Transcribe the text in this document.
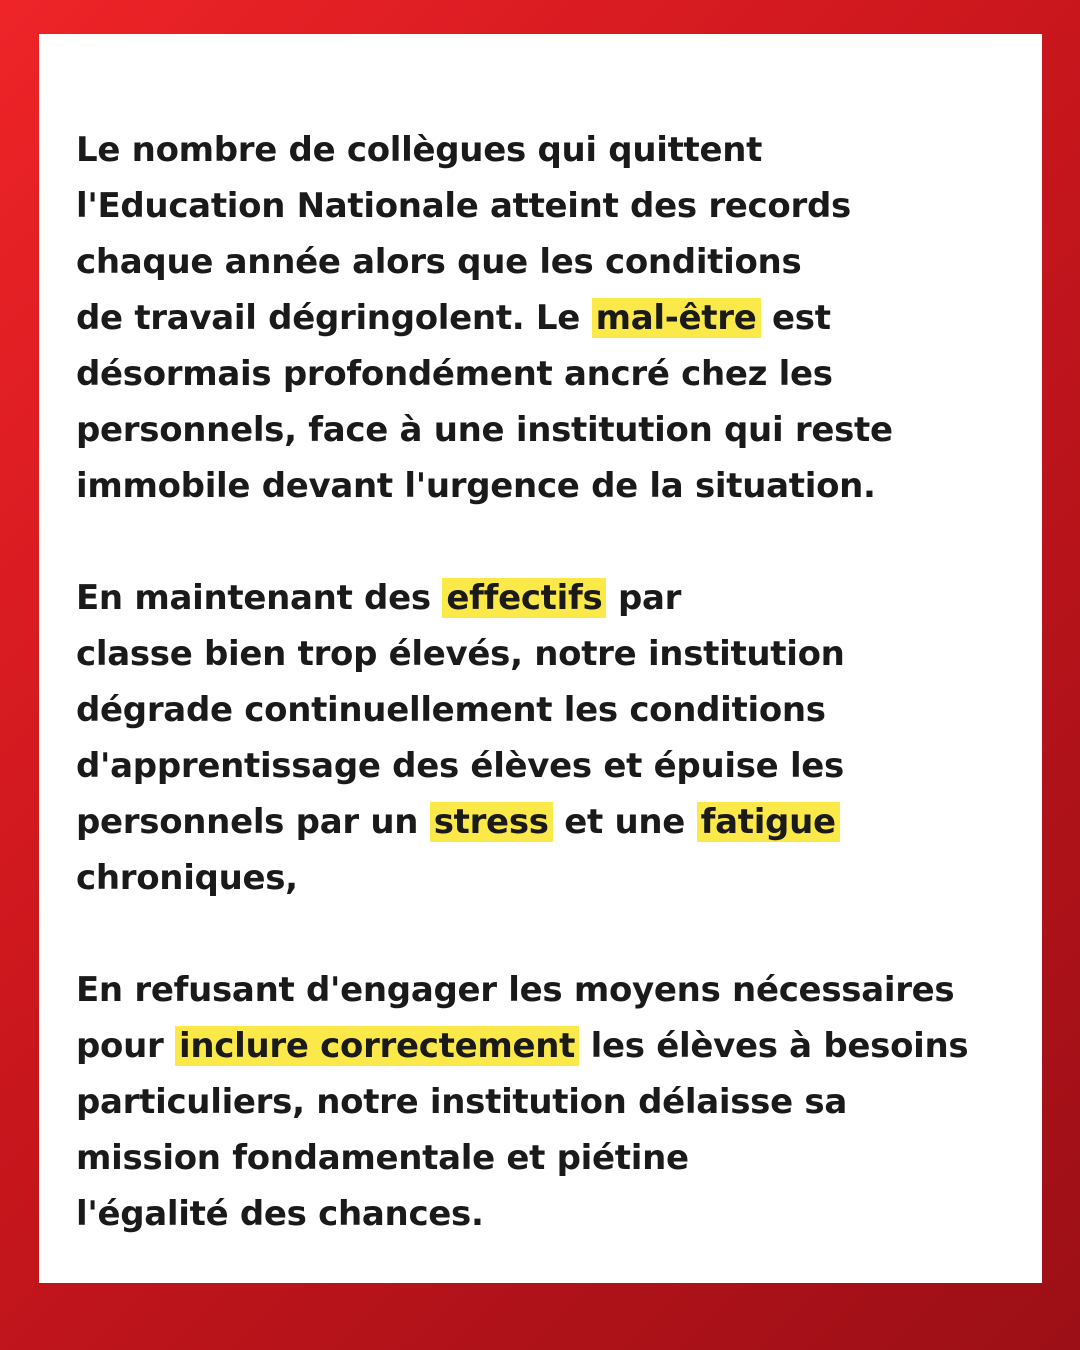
Le nombre de collègues qui quittent
l'Education Nationale atteint des records
chaque année alors que les conditions
de travail dégringolent. Le mal-être est
désormais profondément ancré chez les
personnels, face à une institution qui reste
immobile devant l'urgence de la situation.

En maintenant des effectifs par
classe bien trop élevés, notre institution
dégrade continuellement les conditions
d'apprentissage des élèves et épuise les
personnels par un stress et une fatigue
chroniques,

En refusant d'engager les moyens nécessaires
pour inclure correctement les élèves à besoins
particuliers, notre institution délaisse sa
mission fondamentale et piétine
l'égalité des chances.
